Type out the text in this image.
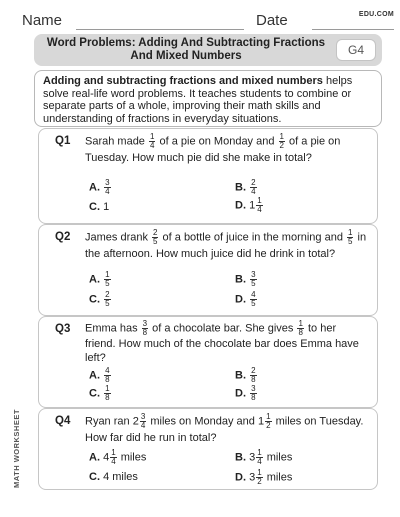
Name	Date	EDU.COM
Word Problems: Adding And Subtracting Fractions
And Mixed Numbers	G4
Adding and subtracting fractions and mixed numbers helps solve real-life word problems. It teaches students to combine or separate parts of a whole, improving their math skills and understanding of fractions in everyday situations.
Q1 Sarah made $\frac{1}{4}$ of a pie on Monday and $\frac{1}{2}$ of a pie on Tuesday. How much pie did she make in total?
A. $\frac{3}{4}$	B. $\frac{2}{4}$
C. 1	D. $1 \frac{1}{4}$
Q2 James drank $\frac{2}{5}$ of a bottle of juice in the morning and $\frac{1}{5}$ in the afternoon. How much juice did he drink in total?
A. $\frac{1}{5}$	B. $\frac{3}{5}$
C. $\frac{2}{5}$	D. $\frac{4}{5}$
Q3 Emma has $\frac{3}{8}$ of a chocolate bar. She gives $\frac{1}{8}$ to her friend. How much of the chocolate bar does Emma have left?
A. $\frac{4}{8}$	B. $\frac{2}{8}$
C. $\frac{1}{8}$	D. $\frac{3}{8}$
Q4 Ryan ran $2 \frac{3}{4}$ miles on Monday and $1 \frac{1}{2}$ miles on Tuesday. How far did he run in total?
A. $4 \frac{1}{4}$ miles	B. $3 \frac{1}{4}$ miles
C. 4 miles	D. $3 \frac{1}{2}$ miles
MATH WORKSHEET
